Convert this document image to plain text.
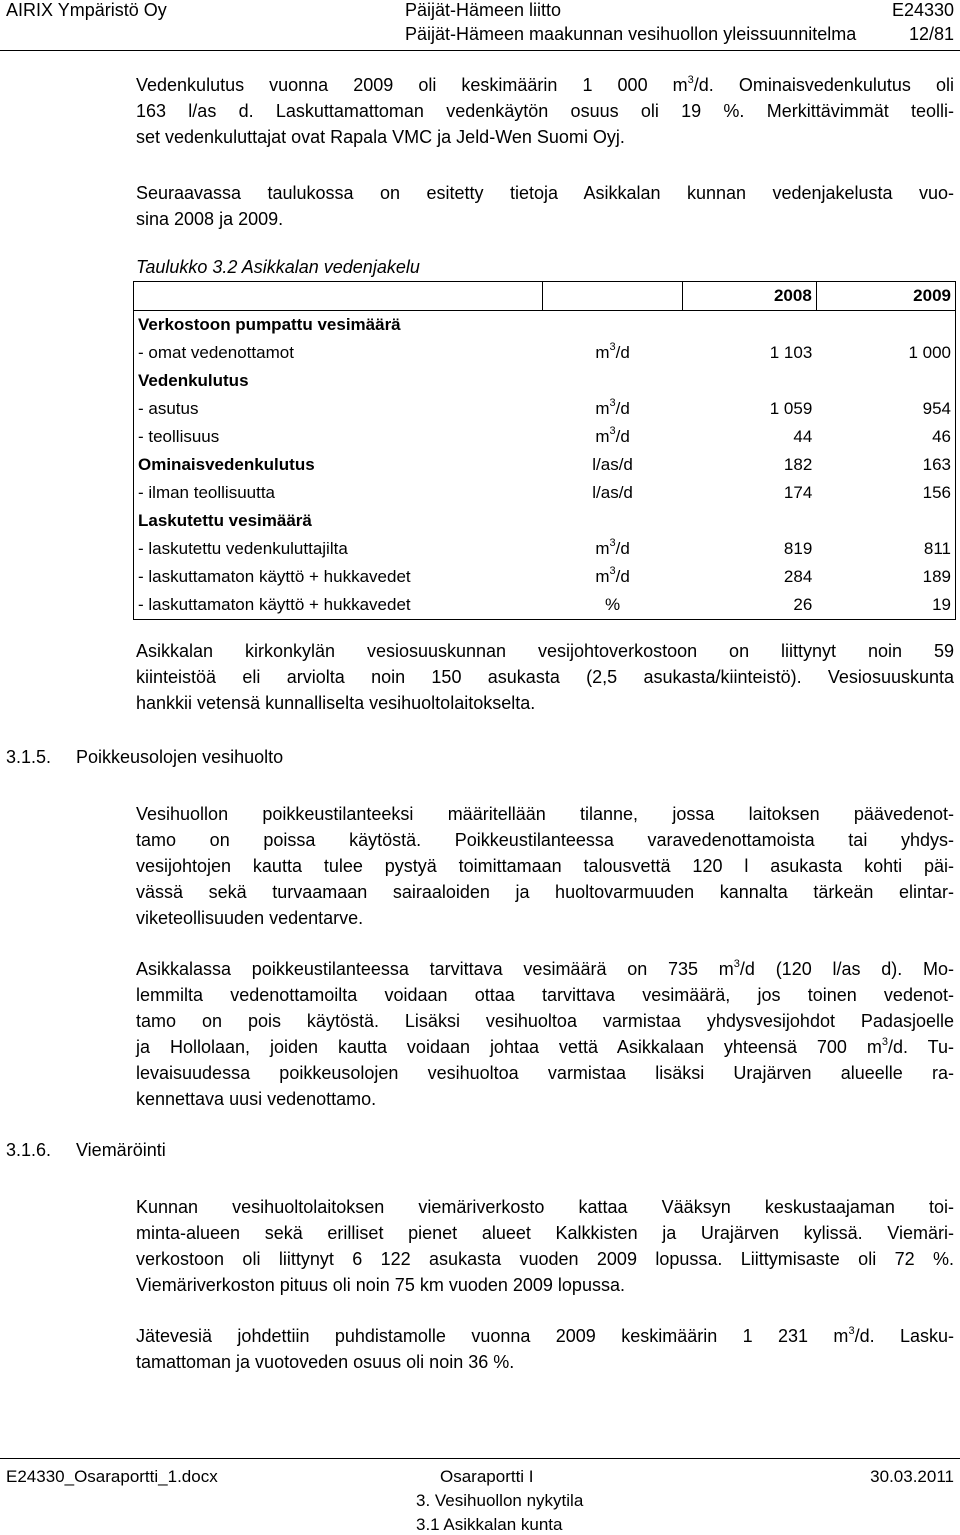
AIRIX Ympäristö Oy	Päijät-Hämeen liitto	E24330
Päijät-Hämeen maakunnan vesihuollon yleissuunnitelma	12/81
Vedenkulutus vuonna 2009 oli keskimäärin 1 000 $m^3/d$. Ominaisvedenkulutus oli
163 l/as d. Laskuttamattoman vedenkäytön osuus oli 19 %. Merkittävimmät teolli-
set vedenkuluttajat ovat Rapala VMC ja Jeld-Wen Suomi Oyj.
Seuraavassa taulukossa on esitetty tietoja Asikkalan kunnan vedenjakelusta vuo-
sina 2008 ja 2009.
Taulukko 3.2 Asikkalan vedenjakelu
		2008	2009
Verkostoon pumpattu vesimäärä			
- omat vedenottamot	$m^3/d$	1 103	1 000
Vedenkulutus			
- asutus	$m^3/d$	1 059	954
- teollisuus	$m^3/d$	44	46
Ominaisvedenkulutus	l/as/d	182	163
- ilman teollisuutta	l/as/d	174	156
Laskutettu vesimäärä			
- laskutettu vedenkuluttajilta	$m^3/d$	819	811
- laskuttamaton käyttö + hukkavedet	$m^3/d$	284	189
- laskuttamaton käyttö + hukkavedet	%	26	19
Asikkalan kirkonkylän vesiosuuskunnan vesijohtoverkostoon on liittynyt noin 59
kiinteistöä eli arviolta noin 150 asukasta (2,5 asukasta/kiinteistö). Vesiosuuskunta
hankkii vetensä kunnalliselta vesihuoltolaitokselta.
3.1.5. Poikkeusolojen vesihuolto
Vesihuollon poikkeustilanteeksi määritellään tilanne, jossa laitoksen päävedenot-
tamo on poissa käytöstä. Poikkeustilanteessa varavedenottamoista tai yhdys-
vesijohtojen kautta tulee pystyä toimittamaan talousvettä 120 l asukasta kohti päi-
vässä sekä turvaamaan sairaaloiden ja huoltovarmuuden kannalta tärkeän elintar-
viketeollisuuden vedentarve.
Asikkalassa poikkeustilanteessa tarvittava vesimäärä on 735 $m^3/d$ (120 l/as d). Mo-
lemmilta vedenottamoilta voidaan ottaa tarvittava vesimäärä, jos toinen vedenot-
tamo on pois käytöstä. Lisäksi vesihuoltoa varmistaa yhdysvesijohdot Padasjoelle
ja Hollolaan, joiden kautta voidaan johtaa vettä Asikkalaan yhteensä 700 $m^3/d$. Tu-
levaisuudessa poikkeusolojen vesihuoltoa varmistaa lisäksi Urajärven alueelle ra-
kennettava uusi vedenottamo.
3.1.6. Viemäröinti
Kunnan vesihuoltolaitoksen viemäriverkosto kattaa Vääksyn keskustaajaman toi-
minta-alueen sekä erilliset pienet alueet Kalkkisten ja Urajärven kylissä. Viemäri-
verkostoon oli liittynyt 6 122 asukasta vuoden 2009 lopussa. Liittymisaste oli 72 %.
Viemäriverkoston pituus oli noin 75 km vuoden 2009 lopussa.
Jätevesiä johdettiin puhdistamolle vuonna 2009 keskimäärin 1 231 $m^3/d$. Lasku-
tamattoman ja vuotoveden osuus oli noin 36 %.
E24330_Osaraportti_1.docx	Osaraportti I	30.03.2011
3. Vesihuollon nykytila
3.1 Asikkalan kunta
